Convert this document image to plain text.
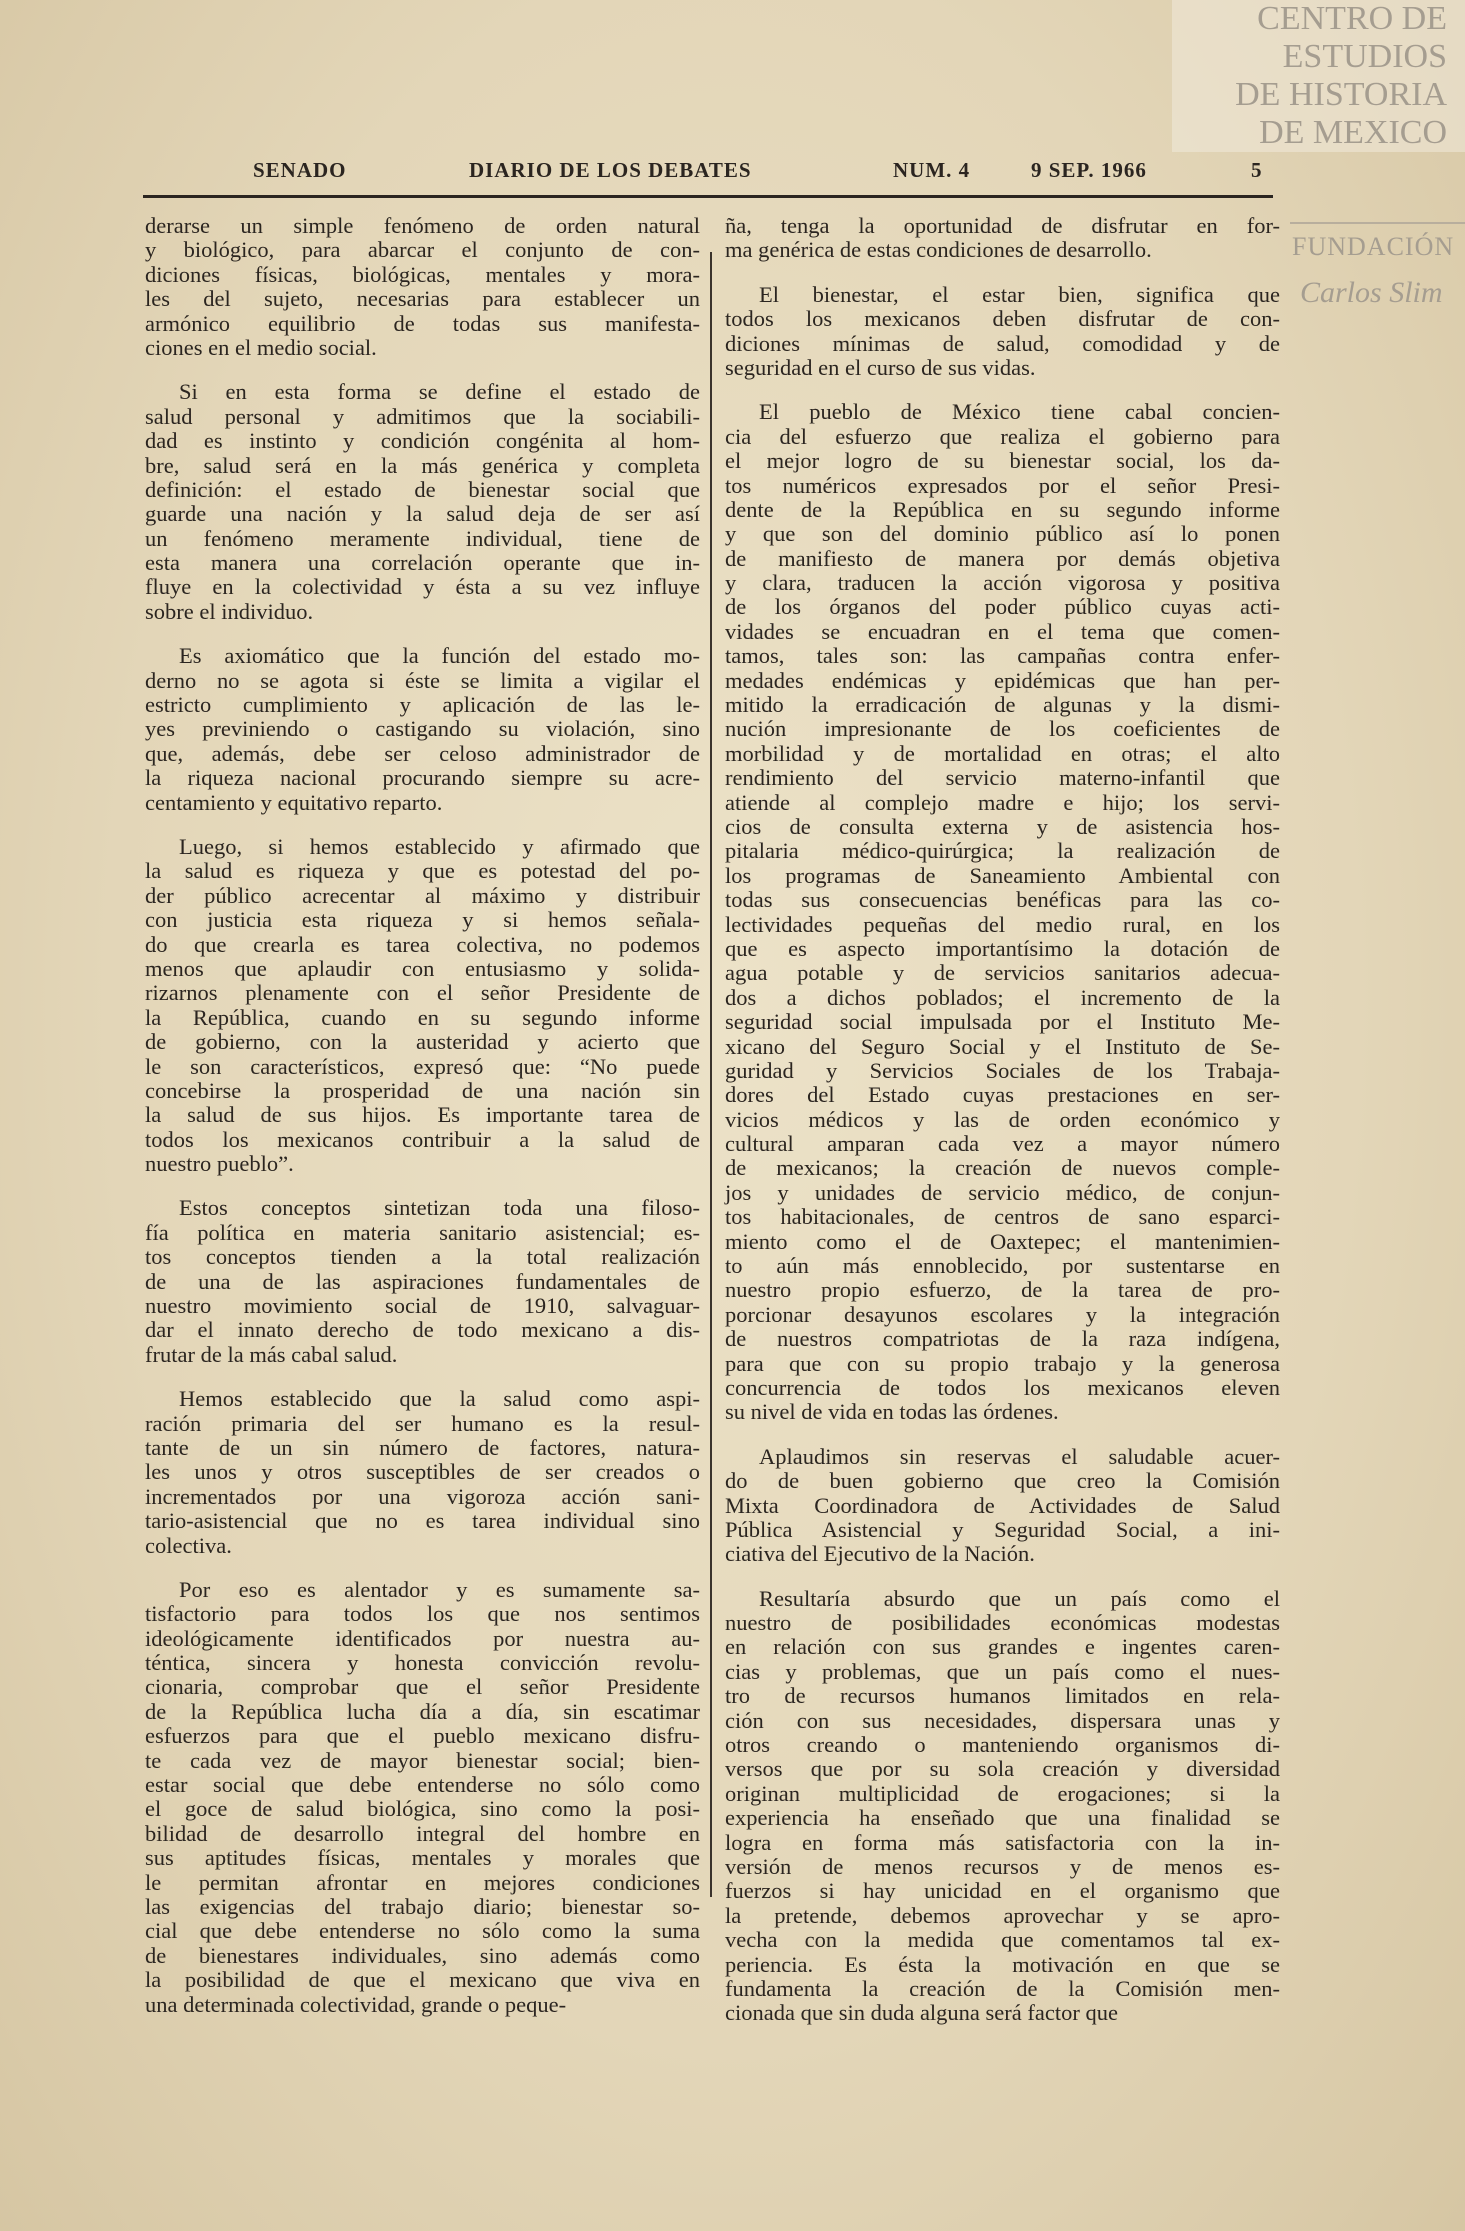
CENTRO DE
ESTUDIOS
DE HISTORIA
DE MEXICO
FUNDACIÓN
Carlos Slim
SENADO	DIARIO DE LOS DEBATES	NUM. 4	9 SEP. 1966	5
derarse un simple fenómeno de orden natural
y biológico, para abarcar el conjunto de con-
diciones físicas, biológicas, mentales y mora-
les del sujeto, necesarias para establecer un
armónico equilibrio de todas sus manifesta-
ciones en el medio social.
Si en esta forma se define el estado de
salud personal y admitimos que la sociabili-
dad es instinto y condición congénita al hom-
bre, salud será en la más genérica y completa
definición: el estado de bienestar social que
guarde una nación y la salud deja de ser así
un fenómeno meramente individual, tiene de
esta manera una correlación operante que in-
fluye en la colectividad y ésta a su vez influye
sobre el individuo.
Es axiomático que la función del estado mo-
derno no se agota si éste se limita a vigilar el
estricto cumplimiento y aplicación de las le-
yes previniendo o castigando su violación, sino
que, además, debe ser celoso administrador de
la riqueza nacional procurando siempre su acre-
centamiento y equitativo reparto.
Luego, si hemos establecido y afirmado que
la salud es riqueza y que es potestad del po-
der público acrecentar al máximo y distribuir
con justicia esta riqueza y si hemos señala-
do que crearla es tarea colectiva, no podemos
menos que aplaudir con entusiasmo y solida-
rizarnos plenamente con el señor Presidente de
la República, cuando en su segundo informe
de gobierno, con la austeridad y acierto que
le son característicos, expresó que: “No puede
concebirse la prosperidad de una nación sin
la salud de sus hijos. Es importante tarea de
todos los mexicanos contribuir a la salud de
nuestro pueblo”.
Estos conceptos sintetizan toda una filoso-
fía política en materia sanitario asistencial; es-
tos conceptos tienden a la total realización
de una de las aspiraciones fundamentales de
nuestro movimiento social de 1910, salvaguar-
dar el innato derecho de todo mexicano a dis-
frutar de la más cabal salud.
Hemos establecido que la salud como aspi-
ración primaria del ser humano es la resul-
tante de un sin número de factores, natura-
les unos y otros susceptibles de ser creados o
incrementados por una vigoroza acción sani-
tario-asistencial que no es tarea individual sino
colectiva.
Por eso es alentador y es sumamente sa-
tisfactorio para todos los que nos sentimos
ideológicamente identificados por nuestra au-
téntica, sincera y honesta convicción revolu-
cionaria, comprobar que el señor Presidente
de la República lucha día a día, sin escatimar
esfuerzos para que el pueblo mexicano disfru-
te cada vez de mayor bienestar social; bien-
estar social que debe entenderse no sólo como
el goce de salud biológica, sino como la posi-
bilidad de desarrollo integral del hombre en
sus aptitudes físicas, mentales y morales que
le permitan afrontar en mejores condiciones
las exigencias del trabajo diario; bienestar so-
cial que debe entenderse no sólo como la suma
de bienestares individuales, sino además como
la posibilidad de que el mexicano que viva en
una determinada colectividad, grande o peque-
ña, tenga la oportunidad de disfrutar en for-
ma genérica de estas condiciones de desarrollo.
El bienestar, el estar bien, significa que
todos los mexicanos deben disfrutar de con-
diciones mínimas de salud, comodidad y de
seguridad en el curso de sus vidas.
El pueblo de México tiene cabal concien-
cia del esfuerzo que realiza el gobierno para
el mejor logro de su bienestar social, los da-
tos numéricos expresados por el señor Presi-
dente de la República en su segundo informe
y que son del dominio público así lo ponen
de manifiesto de manera por demás objetiva
y clara, traducen la acción vigorosa y positiva
de los órganos del poder público cuyas acti-
vidades se encuadran en el tema que comen-
tamos, tales son: las campañas contra enfer-
medades endémicas y epidémicas que han per-
mitido la erradicación de algunas y la dismi-
nución impresionante de los coeficientes de
morbilidad y de mortalidad en otras; el alto
rendimiento del servicio materno-infantil que
atiende al complejo madre e hijo; los servi-
cios de consulta externa y de asistencia hos-
pitalaria médico-quirúrgica; la realización de
los programas de Saneamiento Ambiental con
todas sus consecuencias benéficas para las co-
lectividades pequeñas del medio rural, en los
que es aspecto importantísimo la dotación de
agua potable y de servicios sanitarios adecua-
dos a dichos poblados; el incremento de la
seguridad social impulsada por el Instituto Me-
xicano del Seguro Social y el Instituto de Se-
guridad y Servicios Sociales de los Trabaja-
dores del Estado cuyas prestaciones en ser-
vicios médicos y las de orden económico y
cultural amparan cada vez a mayor número
de mexicanos; la creación de nuevos comple-
jos y unidades de servicio médico, de conjun-
tos habitacionales, de centros de sano esparci-
miento como el de Oaxtepec; el mantenimien-
to aún más ennoblecido, por sustentarse en
nuestro propio esfuerzo, de la tarea de pro-
porcionar desayunos escolares y la integración
de nuestros compatriotas de la raza indígena,
para que con su propio trabajo y la generosa
concurrencia de todos los mexicanos eleven
su nivel de vida en todas las órdenes.
Aplaudimos sin reservas el saludable acuer-
do de buen gobierno que creo la Comisión
Mixta Coordinadora de Actividades de Salud
Pública Asistencial y Seguridad Social, a ini-
ciativa del Ejecutivo de la Nación.
Resultaría absurdo que un país como el
nuestro de posibilidades económicas modestas
en relación con sus grandes e ingentes caren-
cias y problemas, que un país como el nues-
tro de recursos humanos limitados en rela-
ción con sus necesidades, dispersara unas y
otros creando o manteniendo organismos di-
versos que por su sola creación y diversidad
originan multiplicidad de erogaciones; si la
experiencia ha enseñado que una finalidad se
logra en forma más satisfactoria con la in-
versión de menos recursos y de menos es-
fuerzos si hay unicidad en el organismo que
la pretende, debemos aprovechar y se apro-
vecha con la medida que comentamos tal ex-
periencia. Es ésta la motivación en que se
fundamenta la creación de la Comisión men-
cionada que sin duda alguna será factor que
